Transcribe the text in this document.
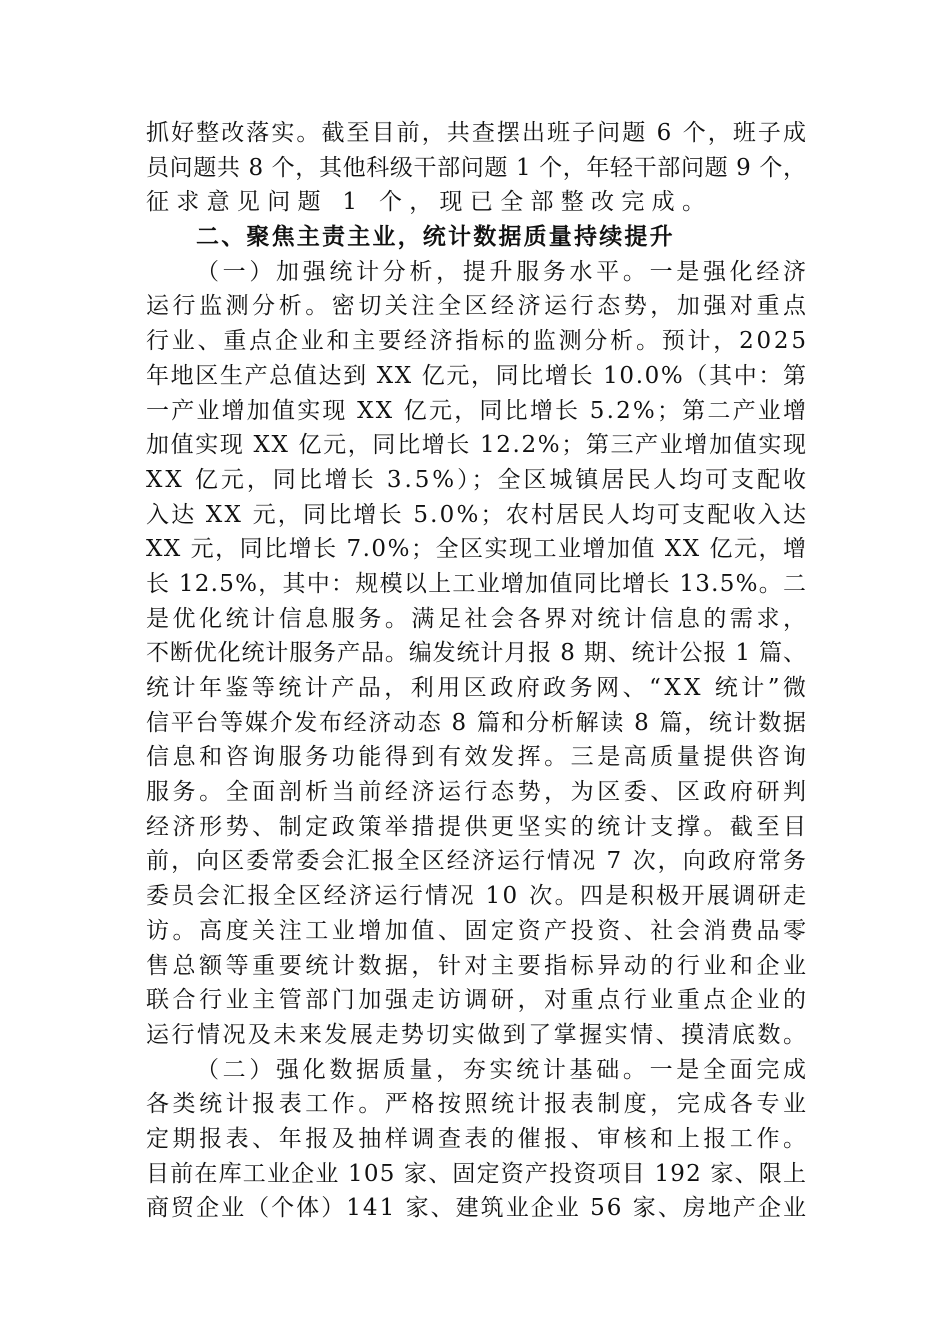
抓好整改落实。截至目前，共查摆出班子问题 6 个，班子成
员问题共 8 个，其他科级干部问题 1 个，年轻干部问题 9 个，
征求意见问题 1 个，现已全部整改完成。
二、聚焦主责主业，统计数据质量持续提升
（一）加强统计分析，提升服务水平。一是强化经济
运行监测分析。密切关注全区经济运行态势，加强对重点
行业、重点企业和主要经济指标的监测分析。预计，2025
年地区生产总值达到 XX 亿元，同比增长 10.0%（其中：第
一产业增加值实现 XX 亿元，同比增长 5.2%；第二产业增
加值实现 XX 亿元，同比增长 12.2%；第三产业增加值实现
XX 亿元，同比增长 3.5%）；全区城镇居民人均可支配收
入达 XX 元，同比增长 5.0%；农村居民人均可支配收入达
XX 元，同比增长 7.0%；全区实现工业增加值 XX 亿元，增
长 12.5%，其中：规模以上工业增加值同比增长 13.5%。二
是优化统计信息服务。满足社会各界对统计信息的需求，
不断优化统计服务产品。编发统计月报 8 期、统计公报 1 篇、
统计年鉴等统计产品，利用区政府政务网、“XX 统计”微
信平台等媒介发布经济动态 8 篇和分析解读 8 篇，统计数据
信息和咨询服务功能得到有效发挥。三是高质量提供咨询
服务。全面剖析当前经济运行态势，为区委、区政府研判
经济形势、制定政策举措提供更坚实的统计支撑。截至目
前，向区委常委会汇报全区经济运行情况 7 次，向政府常务
委员会汇报全区经济运行情况 10 次。四是积极开展调研走
访。高度关注工业增加值、固定资产投资、社会消费品零
售总额等重要统计数据，针对主要指标异动的行业和企业
联合行业主管部门加强走访调研，对重点行业重点企业的
运行情况及未来发展走势切实做到了掌握实情、摸清底数。
（二）强化数据质量，夯实统计基础。一是全面完成
各类统计报表工作。严格按照统计报表制度，完成各专业
定期报表、年报及抽样调查表的催报、审核和上报工作。
目前在库工业企业 105 家、固定资产投资项目 192 家、限上
商贸企业（个体）141 家、建筑业企业 56 家、房地产企业
